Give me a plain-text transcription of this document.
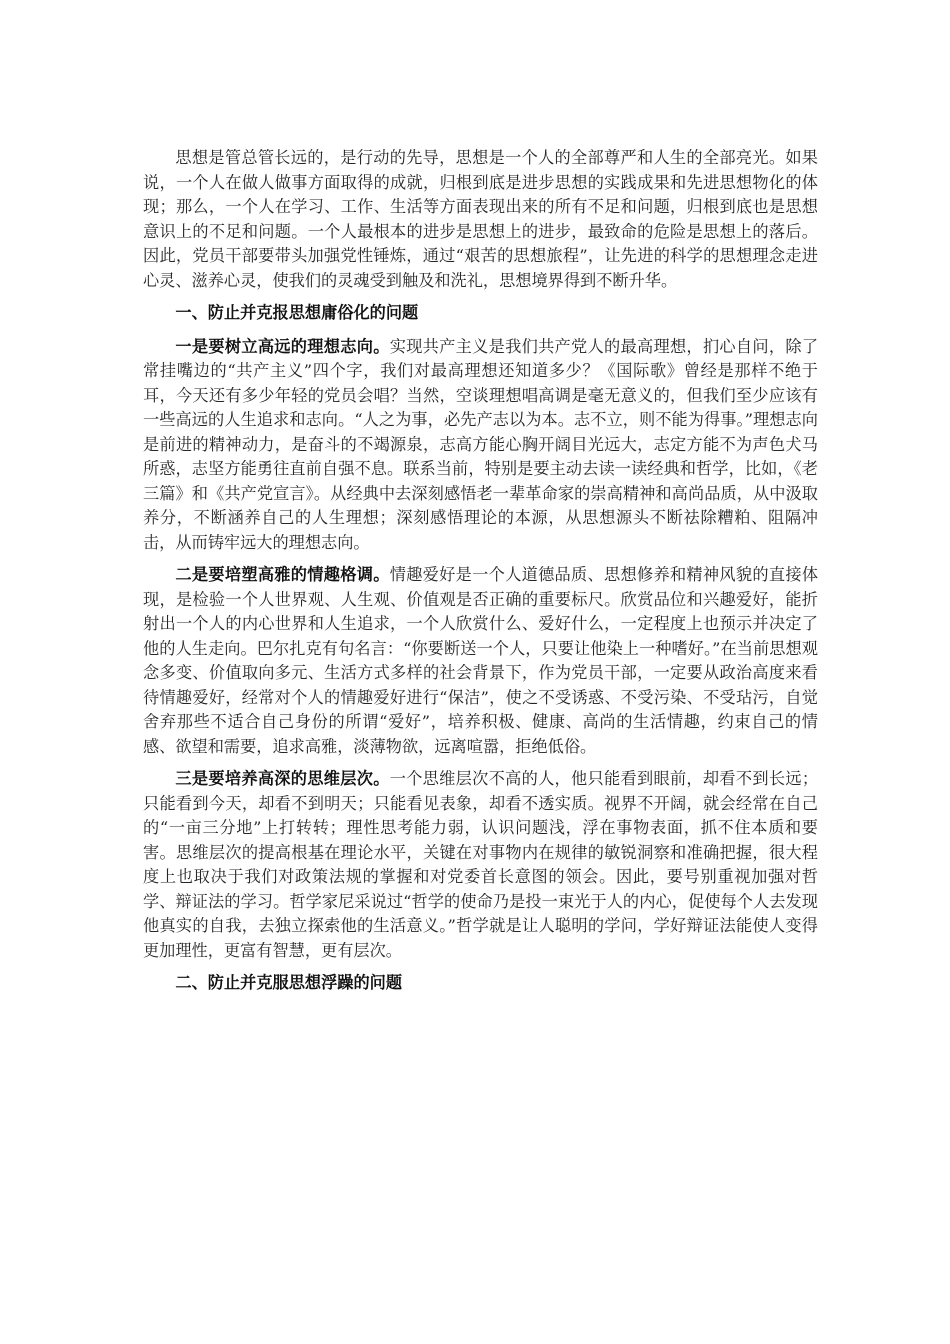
思想是管总管长远的，是行动的先导，思想是一个人的全部尊严和人生的全部亮光。如果说，一个人在做人做事方面取得的成就，归根到底是进步思想的实践成果和先进思想物化的体现；那么，一个人在学习、工作、生活等方面表现出来的所有不足和问题，归根到底也是思想意识上的不足和问题。一个人最根本的进步是思想上的进步，最致命的危险是思想上的落后。因此，党员干部要带头加强党性锤炼，通过“艰苦的思想旅程”，让先进的科学的思想理念走进心灵、滋养心灵，使我们的灵魂受到触及和洗礼，思想境界得到不断升华。

一、防止并克报思想庸俗化的问题

一是要树立高远的理想志向。实现共产主义是我们共产党人的最高理想，扪心自问，除了常挂嘴边的“共产主义”四个字，我们对最高理想还知道多少？《国际歌》曾经是那样不绝于耳，今天还有多少年轻的党员会唱？当然，空谈理想唱高调是毫无意义的，但我们至少应该有一些高远的人生追求和志向。“人之为事，必先产志以为本。志不立，则不能为得事。”理想志向是前进的精神动力，是奋斗的不竭源泉，志高方能心胸开阔目光远大，志定方能不为声色犬马所惑，志坚方能勇往直前自强不息。联系当前，特别是要主动去读一读经典和哲学，比如，《老三篇》和《共产党宣言》。从经典中去深刻感悟老一辈革命家的崇高精神和高尚品质，从中汲取养分，不断涵养自己的人生理想；深刻感悟理论的本源，从思想源头不断祛除糟粕、阻隔冲击，从而铸牢远大的理想志向。

二是要培塑高雅的情趣格调。情趣爱好是一个人道德品质、思想修养和精神风貌的直接体现，是检验一个人世界观、人生观、价值观是否正确的重要标尺。欣赏品位和兴趣爱好，能折射出一个人的内心世界和人生追求，一个人欣赏什么、爱好什么，一定程度上也预示并决定了他的人生走向。巴尔扎克有句名言：“你要断送一个人，只要让他染上一种嗜好。”在当前思想观念多变、价值取向多元、生活方式多样的社会背景下，作为党员干部，一定要从政治高度来看待情趣爱好，经常对个人的情趣爱好进行“保洁”，使之不受诱惑、不受污染、不受玷污，自觉舍弃那些不适合自己身份的所谓“爱好”，培养积极、健康、高尚的生活情趣，约束自己的情感、欲望和需要，追求高雅，淡薄物欲，远离喧嚣，拒绝低俗。

三是要培养高深的思维层次。一个思维层次不高的人，他只能看到眼前，却看不到长远；只能看到今天，却看不到明天；只能看见表象，却看不透实质。视界不开阔，就会经常在自己的“一亩三分地”上打转转；理性思考能力弱，认识问题浅，浮在事物表面，抓不住本质和要害。思维层次的提高根基在理论水平，关键在对事物内在规律的敏锐洞察和准确把握，很大程度上也取决于我们对政策法规的掌握和对党委首长意图的领会。因此，要号别重视加强对哲学、辩证法的学习。哲学家尼采说过“哲学的使命乃是投一束光于人的内心，促使每个人去发现他真实的自我，去独立探索他的生活意义。”哲学就是让人聪明的学问，学好辩证法能使人变得更加理性，更富有智慧，更有层次。

二、防止并克服思想浮躁的问题
